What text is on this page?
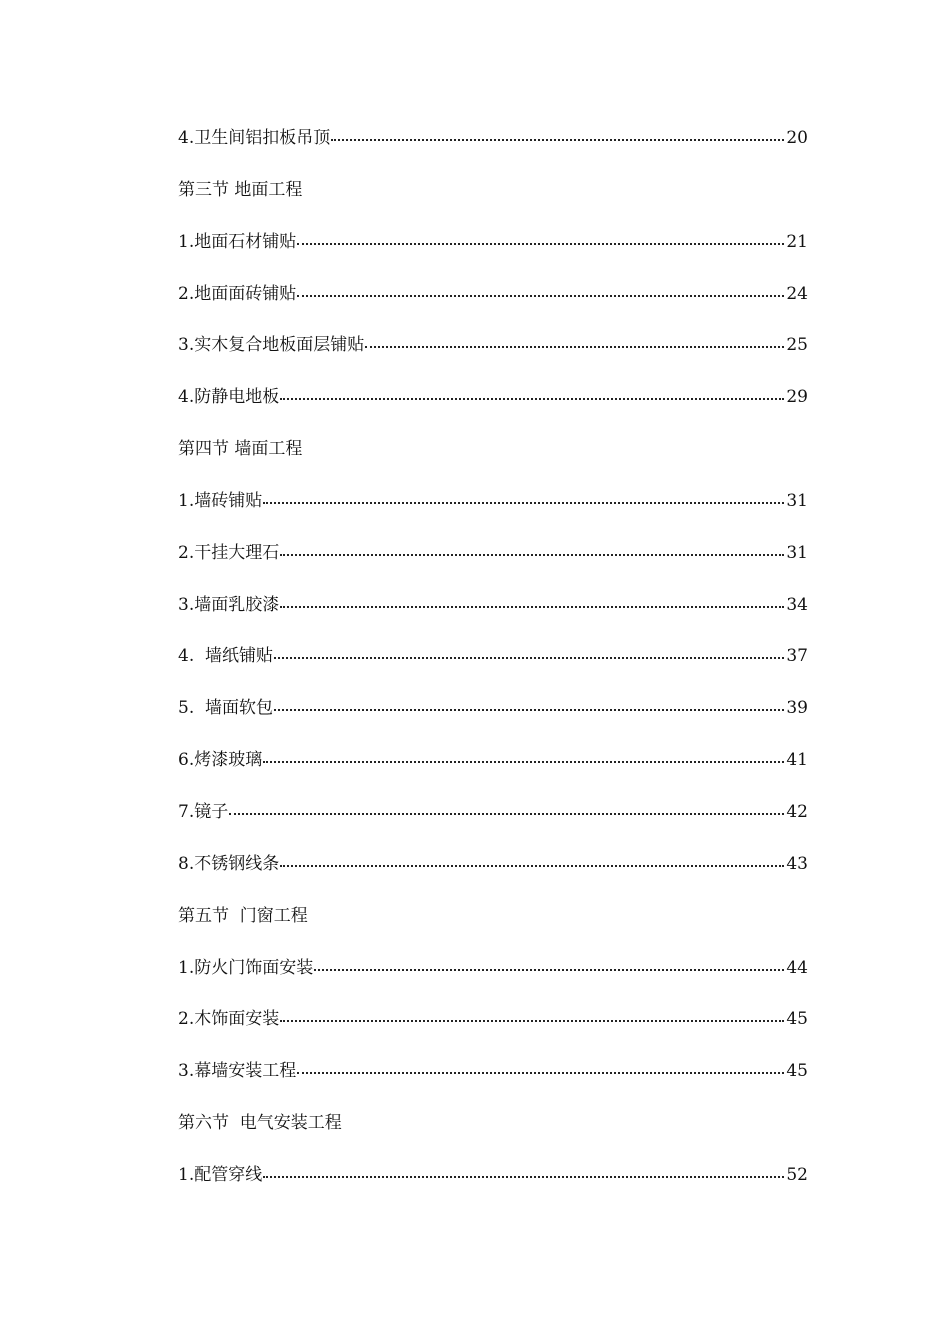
4.卫生间铝扣板吊顶	20
第三节 地面工程
1.地面石材铺贴	21
2.地面面砖铺贴	24
3.实木复合地板面层铺贴	25
4.防静电地板	29
第四节 墙面工程
1.墙砖铺贴	31
2.干挂大理石	31
3.墙面乳胶漆	34
4.  墙纸铺贴	37
5.  墙面软包	39
6.烤漆玻璃	41
7.镜子	42
8.不锈钢线条	43
第五节  门窗工程
1.防火门饰面安装	44
2.木饰面安装	45
3.幕墙安装工程	45
第六节  电气安装工程
1.配管穿线	52
